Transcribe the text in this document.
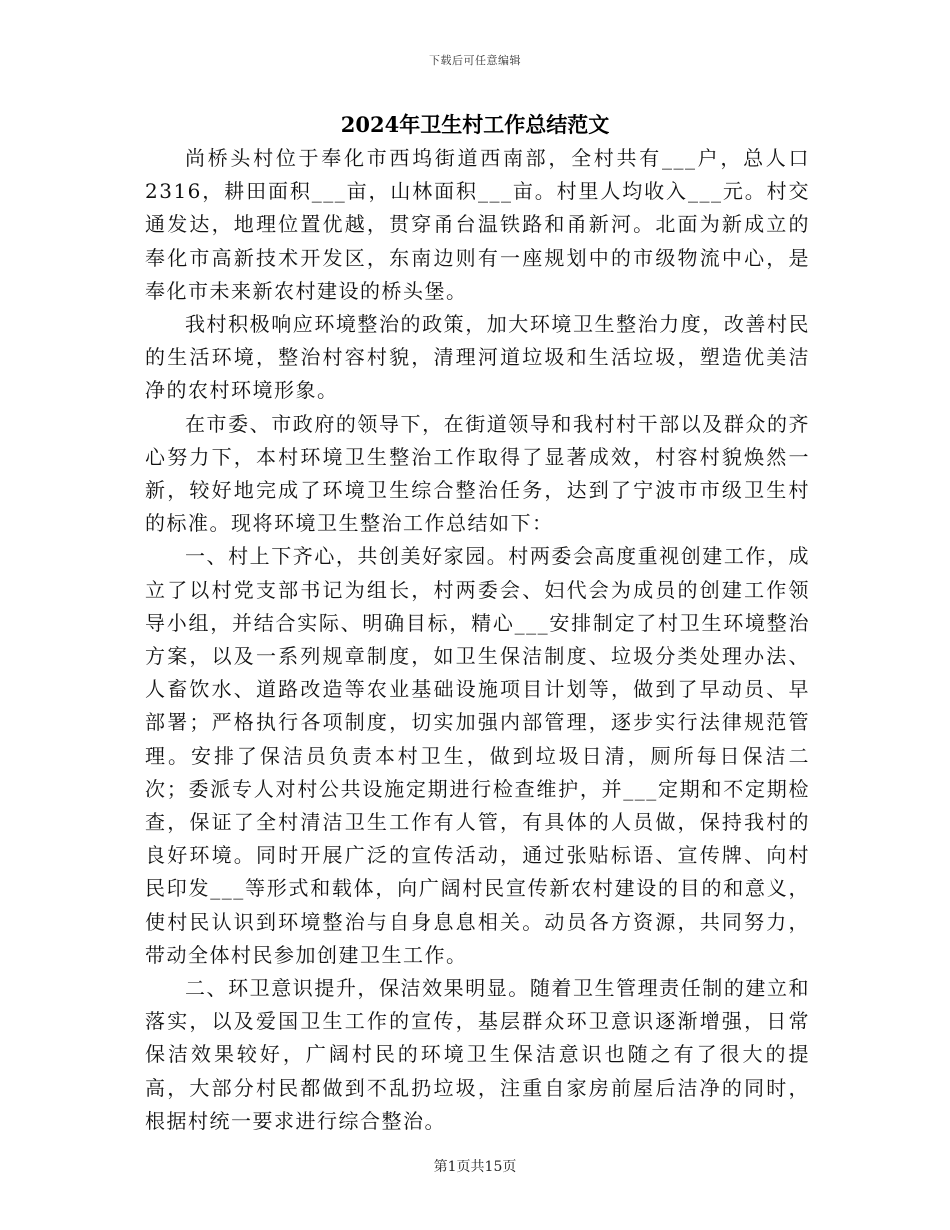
下载后可任意编辑
2024年卫生村工作总结范文

尚桥头村位于奉化市西坞街道西南部，全村共有___户，总人口2316，耕田面积___亩，山林面积___亩。村里人均收入___元。村交通发达，地理位置优越，贯穿甬台温铁路和甬新河。北面为新成立的奉化市高新技术开发区，东南边则有一座规划中的市级物流中心，是奉化市未来新农村建设的桥头堡。

我村积极响应环境整治的政策，加大环境卫生整治力度，改善村民的生活环境，整治村容村貌，清理河道垃圾和生活垃圾，塑造优美洁净的农村环境形象。

在市委、市政府的领导下，在街道领导和我村村干部以及群众的齐心努力下，本村环境卫生整治工作取得了显著成效，村容村貌焕然一新，较好地完成了环境卫生综合整治任务，达到了宁波市市级卫生村的标准。现将环境卫生整治工作总结如下：

一、村上下齐心，共创美好家园。村两委会高度重视创建工作，成立了以村党支部书记为组长，村两委会、妇代会为成员的创建工作领导小组，并结合实际、明确目标，精心___安排制定了村卫生环境整治方案，以及一系列规章制度，如卫生保洁制度、垃圾分类处理办法、人畜饮水、道路改造等农业基础设施项目计划等，做到了早动员、早部署；严格执行各项制度，切实加强内部管理，逐步实行法律规范管理。安排了保洁员负责本村卫生，做到垃圾日清，厕所每日保洁二次；委派专人对村公共设施定期进行检查维护，并___定期和不定期检查，保证了全村清洁卫生工作有人管，有具体的人员做，保持我村的良好环境。同时开展广泛的宣传活动，通过张贴标语、宣传牌、向村民印发___等形式和载体，向广阔村民宣传新农村建设的目的和意义，使村民认识到环境整治与自身息息相关。动员各方资源，共同努力，带动全体村民参加创建卫生工作。

二、环卫意识提升，保洁效果明显。随着卫生管理责任制的建立和落实，以及爱国卫生工作的宣传，基层群众环卫意识逐渐增强，日常保洁效果较好，广阔村民的环境卫生保洁意识也随之有了很大的提高，大部分村民都做到不乱扔垃圾，注重自家房前屋后洁净的同时，根据村统一要求进行综合整治。

第1页共15页
